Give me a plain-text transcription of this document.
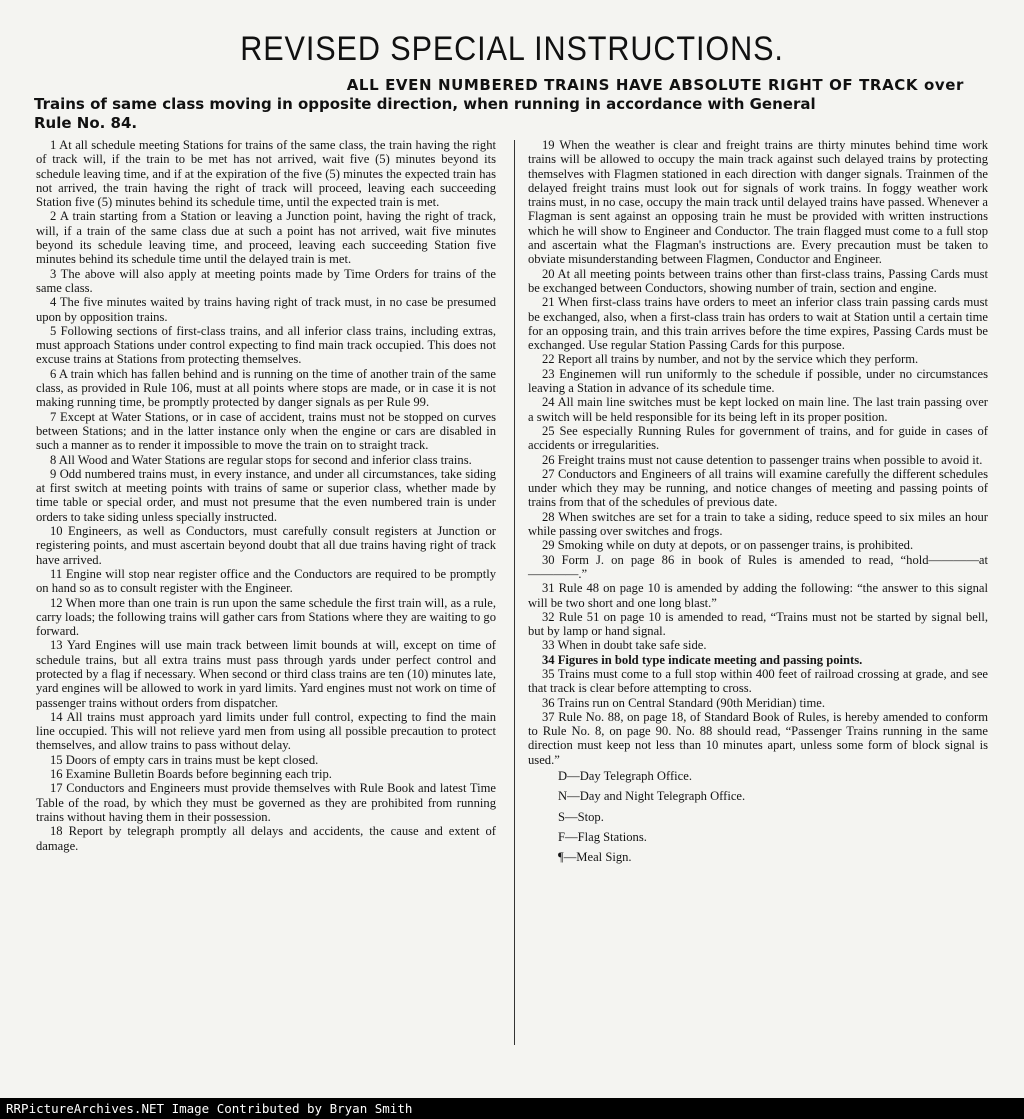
REVISED SPECIAL INSTRUCTIONS.
ALL EVEN NUMBERED TRAINS HAVE ABSOLUTE RIGHT OF TRACK over
Trains of same class moving in opposite direction, when running in accordance with General
Rule No. 84.

1 At all schedule meeting Stations for trains of the same class, the train having the right of track will, if the train to be met has not arrived, wait five (5) minutes beyond its schedule leaving time, and if at the expiration of the five (5) minutes the expected train has not arrived, the train having the right of track will proceed, leaving each succeeding Station five (5) minutes behind its schedule time, until the expected train is met.

2 A train starting from a Station or leaving a Junction point, having the right of track, will, if a train of the same class due at such a point has not arrived, wait five minutes beyond its schedule leaving time, and proceed, leaving each succeeding Station five minutes behind its schedule time until the delayed train is met.

3 The above will also apply at meeting points made by Time Orders for trains of the same class.

4 The five minutes waited by trains having right of track must, in no case be presumed upon by opposition trains.

5 Following sections of first-class trains, and all inferior class trains, including extras, must approach Stations under control expecting to find main track occupied. This does not excuse trains at Stations from protecting themselves.

6 A train which has fallen behind and is running on the time of another train of the same class, as provided in Rule 106, must at all points where stops are made, or in case it is not making running time, be promptly protected by danger signals as per Rule 99.

7 Except at Water Stations, or in case of accident, trains must not be stopped on curves between Stations; and in the latter instance only when the engine or cars are disabled in such a manner as to render it impossible to move the train on to straight track.

8 All Wood and Water Stations are regular stops for second and inferior class trains.

9 Odd numbered trains must, in every instance, and under all circumstances, take siding at first switch at meeting points with trains of same or superior class, whether made by time table or special order, and must not presume that the even numbered train is under orders to take siding unless specially instructed.

10 Engineers, as well as Conductors, must carefully consult registers at Junction or registering points, and must ascertain beyond doubt that all due trains having right of track have arrived.

11 Engine will stop near register office and the Conductors are required to be promptly on hand so as to consult register with the Engineer.

12 When more than one train is run upon the same schedule the first train will, as a rule, carry loads; the following trains will gather cars from Stations where they are waiting to go forward.

13 Yard Engines will use main track between limit bounds at will, except on time of schedule trains, but all extra trains must pass through yards under perfect control and protected by a flag if necessary. When second or third class trains are ten (10) minutes late, yard engines will be allowed to work in yard limits. Yard engines must not work on time of passenger trains without orders from dispatcher.

14 All trains must approach yard limits under full control, expecting to find the main line occupied. This will not relieve yard men from using all possible precaution to protect themselves, and allow trains to pass without delay.

15 Doors of empty cars in trains must be kept closed.

16 Examine Bulletin Boards before beginning each trip.

17 Conductors and Engineers must provide themselves with Rule Book and latest Time Table of the road, by which they must be governed as they are prohibited from running trains without having them in their possession.

18 Report by telegraph promptly all delays and accidents, the cause and extent of damage.

19 When the weather is clear and freight trains are thirty minutes behind time work trains will be allowed to occupy the main track against such delayed trains by protecting themselves with Flagmen stationed in each direction with danger signals. Trainmen of the delayed freight trains must look out for signals of work trains. In foggy weather work trains must, in no case, occupy the main track until delayed trains have passed. Whenever a Flagman is sent against an opposing train he must be provided with written instructions which he will show to Engineer and Conductor. The train flagged must come to a full stop and ascertain what the Flagman's instructions are. Every precaution must be taken to obviate misunderstanding between Flagmen, Conductor and Engineer.

20 At all meeting points between trains other than first-class trains, Passing Cards must be exchanged between Conductors, showing number of train, section and engine.

21 When first-class trains have orders to meet an inferior class train passing cards must be exchanged, also, when a first-class train has orders to wait at Station until a certain time for an opposing train, and this train arrives before the time expires, Passing Cards must be exchanged. Use regular Station Passing Cards for this purpose.

22 Report all trains by number, and not by the service which they perform.

23 Enginemen will run uniformly to the schedule if possible, under no circumstances leaving a Station in advance of its schedule time.

24 All main line switches must be kept locked on main line. The last train passing over a switch will be held responsible for its being left in its proper position.

25 See especially Running Rules for government of trains, and for guide in cases of accidents or irregularities.

26 Freight trains must not cause detention to passenger trains when possible to avoid it.

27 Conductors and Engineers of all trains will examine carefully the different schedules under which they may be running, and notice changes of meeting and passing points of trains from that of the schedules of previous date.

28 When switches are set for a train to take a siding, reduce speed to six miles an hour while passing over switches and frogs.

29 Smoking while on duty at depots, or on passenger trains, is prohibited.

30 Form J. on page 86 in book of Rules is amended to read, “hold————at————.”

31 Rule 48 on page 10 is amended by adding the following: “the answer to this signal will be two short and one long blast.”

32 Rule 51 on page 10 is amended to read, “Trains must not be started by signal bell, but by lamp or hand signal.

33 When in doubt take safe side.

34 Figures in bold type indicate meeting and passing points.

35 Trains must come to a full stop within 400 feet of railroad crossing at grade, and see that track is clear before attempting to cross.

36 Trains run on Central Standard (90th Meridian) time.

37 Rule No. 88, on page 18, of Standard Book of Rules, is hereby amended to conform to Rule No. 8, on page 90. No. 88 should read, “Passenger Trains running in the same direction must keep not less than 10 minutes apart, unless some form of block signal is used.”

D—Day Telegraph Office.
N—Day and Night Telegraph Office.
S—Stop.
F—Flag Stations.
¶—Meal Sign.
RRPictureArchives.NET Image Contributed by Bryan Smith
